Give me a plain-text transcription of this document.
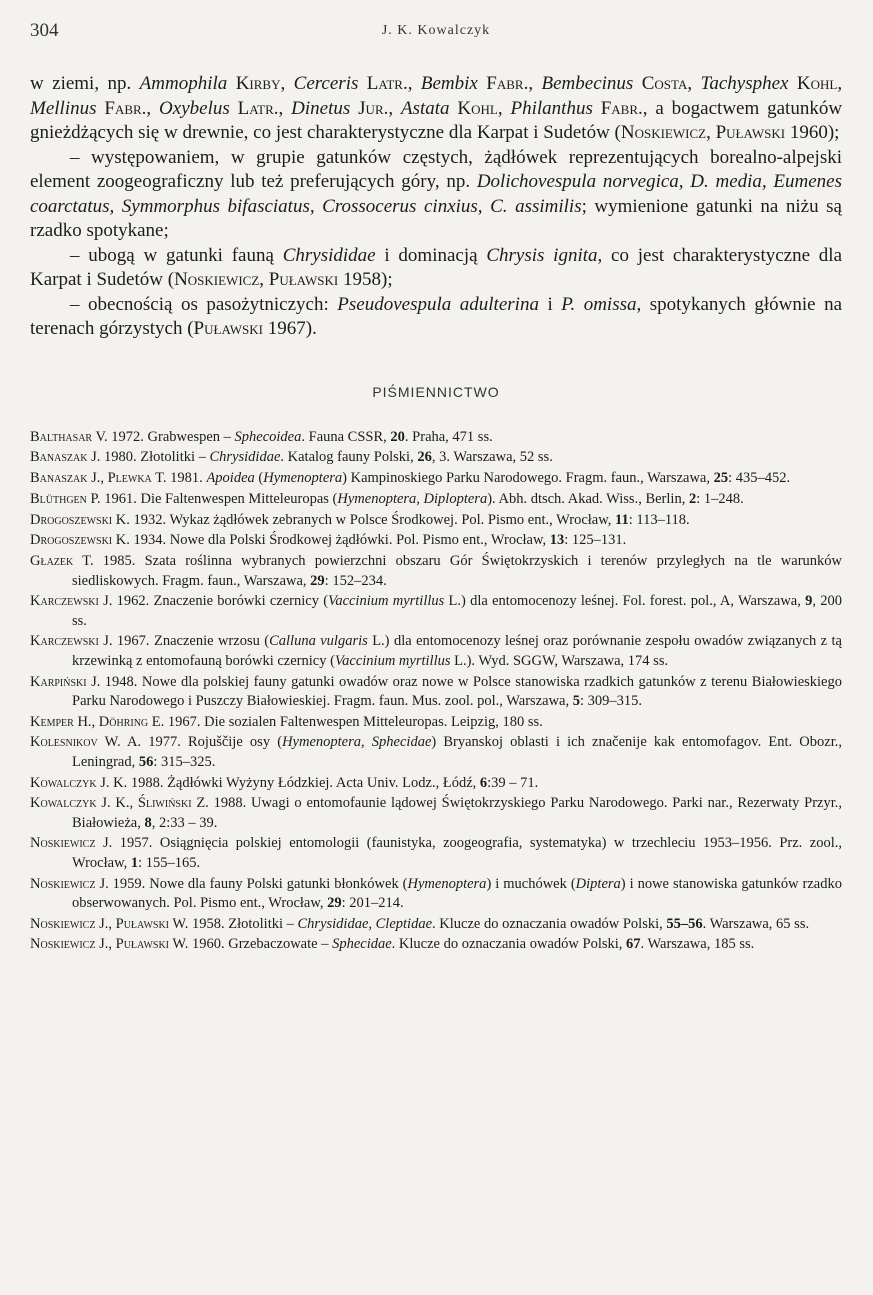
304	J. K. Kowalczyk

w ziemi, np. Ammophila Kirby, Cerceris Latr., Bembix Fabr., Bembecinus Costa, Tachysphex Kohl, Mellinus Fabr., Oxybelus Latr., Dinetus Jur., Astata Kohl, Philanthus Fabr., a bogactwem gatunków gnieżdżących się w drewnie, co jest charakterystyczne dla Karpat i Sudetów (Noskiewicz, Puławski 1960);

– występowaniem, w grupie gatunków częstych, żądłówek reprezentujących borealno-alpejski element zoogeograficzny lub też preferujących góry, np. Dolichovespula norvegica, D. media, Eumenes coarctatus, Symmorphus bifasciatus, Crossocerus cinxius, C. assimilis; wymienione gatunki na niżu są rzadko spotykane;

– ubogą w gatunki fauną Chrysididae i dominacją Chrysis ignita, co jest charakterystyczne dla Karpat i Sudetów (Noskiewicz, Puławski 1958);

– obecnością os pasożytniczych: Pseudovespula adulterina i P. omissa, spotykanych głównie na terenach górzystych (Puławski 1967).

PIŚMIENNICTWO

Balthasar V. 1972. Grabwespen – Sphecoidea. Fauna CSSR, 20. Praha, 471 ss.

Banaszak J. 1980. Złotolitki – Chrysididae. Katalog fauny Polski, 26, 3. Warszawa, 52 ss.

Banaszak J., Plewka T. 1981. Apoidea (Hymenoptera) Kampinoskiego Parku Narodowego. Fragm. faun., Warszawa, 25: 435–452.

Blüthgen P. 1961. Die Faltenwespen Mitteleuropas (Hymenoptera, Diploptera). Abh. dtsch. Akad. Wiss., Berlin, 2: 1–248.

Drogoszewski K. 1932. Wykaz żądłówek zebranych w Polsce Środkowej. Pol. Pismo ent., Wrocław, 11: 113–118.

Drogoszewski K. 1934. Nowe dla Polski Środkowej żądłówki. Pol. Pismo ent., Wrocław, 13: 125–131.

Głazek T. 1985. Szata roślinna wybranych powierzchni obszaru Gór Świętokrzyskich i terenów przyległych na tle warunków siedliskowych. Fragm. faun., Warszawa, 29: 152–234.

Karczewski J. 1962. Znaczenie borówki czernicy (Vaccinium myrtillus L.) dla entomocenozy leśnej. Fol. forest. pol., A, Warszawa, 9, 200 ss.

Karczewski J. 1967. Znaczenie wrzosu (Calluna vulgaris L.) dla entomocenozy leśnej oraz porównanie zespołu owadów związanych z tą krzewinką z entomofauną borówki czernicy (Vaccinium myrtillus L.). Wyd. SGGW, Warszawa, 174 ss.

Karpiński J. 1948. Nowe dla polskiej fauny gatunki owadów oraz nowe w Polsce stanowiska rzadkich gatunków z terenu Białowieskiego Parku Narodowego i Puszczy Białowieskiej. Fragm. faun. Mus. zool. pol., Warszawa, 5: 309–315.

Kemper H., Döhring E. 1967. Die sozialen Faltenwespen Mitteleuropas. Leipzig, 180 ss.

Kolesnikov W. A. 1977. Rojuščije osy (Hymenoptera, Sphecidae) Bryanskoj oblasti i ich značenije kak entomofagov. Ent. Obozr., Leningrad, 56: 315–325.

Kowalczyk J. K. 1988. Żądłówki Wyżyny Łódzkiej. Acta Univ. Lodz., Łódź, 6:39 – 71.

Kowalczyk J. K., Śliwiński Z. 1988. Uwagi o entomofaunie lądowej Świętokrzyskiego Parku Narodowego. Parki nar., Rezerwaty Przyr., Białowieża, 8, 2:33 – 39.

Noskiewicz J. 1957. Osiągnięcia polskiej entomologii (faunistyka, zoogeografia, systematyka) w trzechleciu 1953–1956. Prz. zool., Wrocław, 1: 155–165.

Noskiewicz J. 1959. Nowe dla fauny Polski gatunki błonkówek (Hymenoptera) i muchówek (Diptera) i nowe stanowiska gatunków rzadko obserwowanych. Pol. Pismo ent., Wrocław, 29: 201–214.

Noskiewicz J., Puławski W. 1958. Złotolitki – Chrysididae, Cleptidae. Klucze do oznaczania owadów Polski, 55–56. Warszawa, 65 ss.

Noskiewicz J., Puławski W. 1960. Grzebaczowate – Sphecidae. Klucze do oznaczania owadów Polski, 67. Warszawa, 185 ss.
